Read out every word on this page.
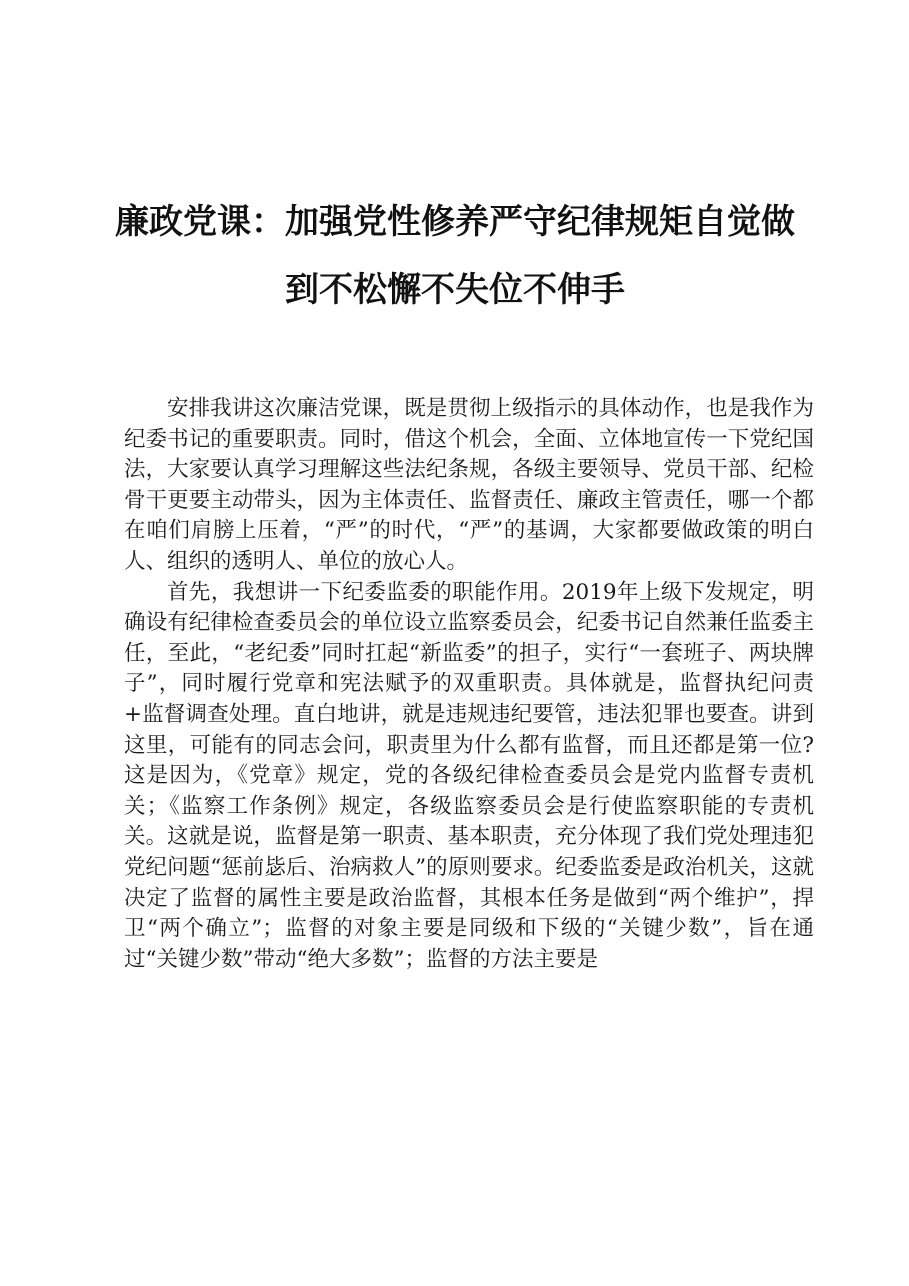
廉政党课：加强党性修养严守纪律规矩自觉做
到不松懈不失位不伸手

安排我讲这次廉洁党课，既是贯彻上级指示的具体动作，也是我作为纪委书记的重要职责。同时，借这个机会，全面、立体地宣传一下党纪国法，大家要认真学习理解这些法纪条规，各级主要领导、党员干部、纪检骨干更要主动带头，因为主体责任、监督责任、廉政主管责任，哪一个都在咱们肩膀上压着，“严”的时代，“严”的基调，大家都要做政策的明白人、组织的透明人、单位的放心人。

首先，我想讲一下纪委监委的职能作用。2019年上级下发规定，明确设有纪律检查委员会的单位设立监察委员会，纪委书记自然兼任监委主任，至此，“老纪委”同时扛起“新监委”的担子，实行“一套班子、两块牌子”，同时履行党章和宪法赋予的双重职责。具体就是，监督执纪问责+监督调查处理。直白地讲，就是违规违纪要管，违法犯罪也要查。讲到这里，可能有的同志会问，职责里为什么都有监督，而且还都是第一位?这是因为，《党章》规定，党的各级纪律检查委员会是党内监督专责机关；《监察工作条例》规定，各级监察委员会是行使监察职能的专责机关。这就是说，监督是第一职责、基本职责，充分体现了我们党处理违犯党纪问题“惩前毖后、治病救人”的原则要求。纪委监委是政治机关，这就决定了监督的属性主要是政治监督，其根本任务是做到“两个维护”，捍卫“两个确立”；监督的对象主要是同级和下级的“关键少数”，旨在通过“关键少数”带动“绝大多数”；监督的方法主要是
